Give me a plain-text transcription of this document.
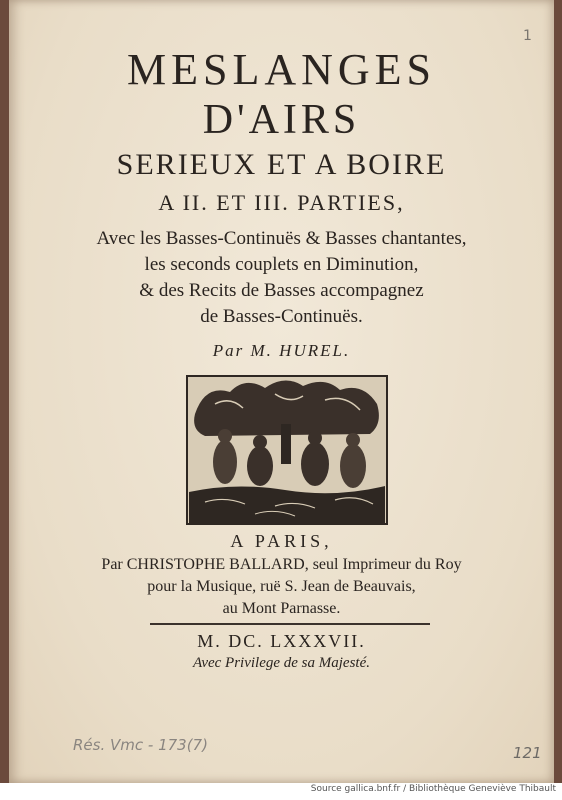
1
MESLANGES
D'AIRS
SERIEUX ET A BOIRE
A II. ET III. PARTIES,
Avec les Basses-Continuës & Basses chantantes,
les seconds couplets en Diminution,
& des Recits de Basses accompagnez
de Basses-Continuës.
Par M. HUREL.
A PARIS,
Par CHRISTOPHE BALLARD, seul Imprimeur du Roy
pour la Musique, ruë S. Jean de Beauvais,
au Mont Parnasse.
M. DC. LXXXVII.
Avec Privilege de sa Majesté.
Rés. Vmc - 173(7)	121
Source gallica.bnf.fr / Bibliothèque Geneviève Thibault
